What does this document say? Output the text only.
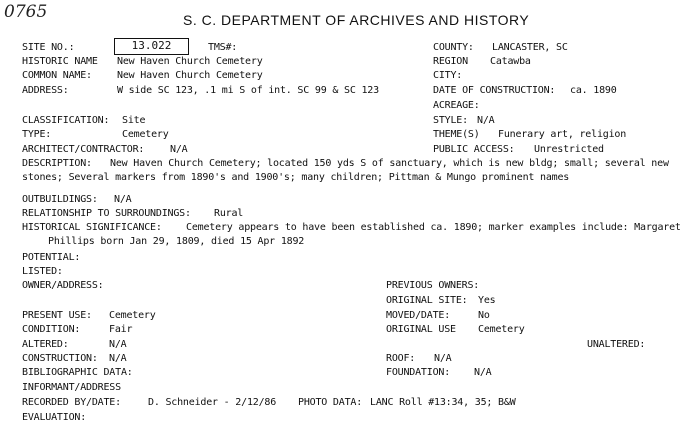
0765	S. C. DEPARTMENT OF ARCHIVES AND HISTORY
SITE NO.:	13.022	TMS#:	COUNTY: LANCASTER, SC
HISTORIC NAME New Haven Church Cemetery	REGION Catawba
COMMON NAME:	New Haven Church Cemetery	CITY:
ADDRESS:	W side SC 123, .1 mi S of int. SC 99 & SC 123	DATE OF CONSTRUCTION: ca. 1890
ACREAGE:
CLASSIFICATION: Site	STYLE: N/A
TYPE:	Cemetery	THEME(S) Funerary art, religion
ARCHITECT/CONTRACTOR:	N/A	PUBLIC ACCESS: Unrestricted
DESCRIPTION: New Haven Church Cemetery; located 150 yds S of sanctuary, which is new bldg; small; several new
stones; Several markers from 1890's and 1900's; many children; Pittman & Mungo prominent names
OUTBUILDINGS: N/A
RELATIONSHIP TO SURROUNDINGS: Rural
HISTORICAL SIGNIFICANCE: Cemetery appears to have been established ca. 1890; marker examples include: Margaret
Phillips born Jan 29, 1809, died 15 Apr 1892
POTENTIAL:
LISTED:
OWNER/ADDRESS:	PREVIOUS OWNERS:
ORIGINAL SITE: Yes
PRESENT USE: Cemetery	MOVED/DATE:	No
CONDITION:	Fair	ORIGINAL USE Cemetery
ALTERED:	N/A	UNALTERED:
CONSTRUCTION: N/A	ROOF: N/A
BIBLIOGRAPHIC DATA:	FOUNDATION: N/A
INFORMANT/ADDRESS
RECORDED BY/DATE:	D. Schneider - 2/12/86 PHOTO DATA: LANC Roll #13:34, 35; B&W
EVALUATION:
